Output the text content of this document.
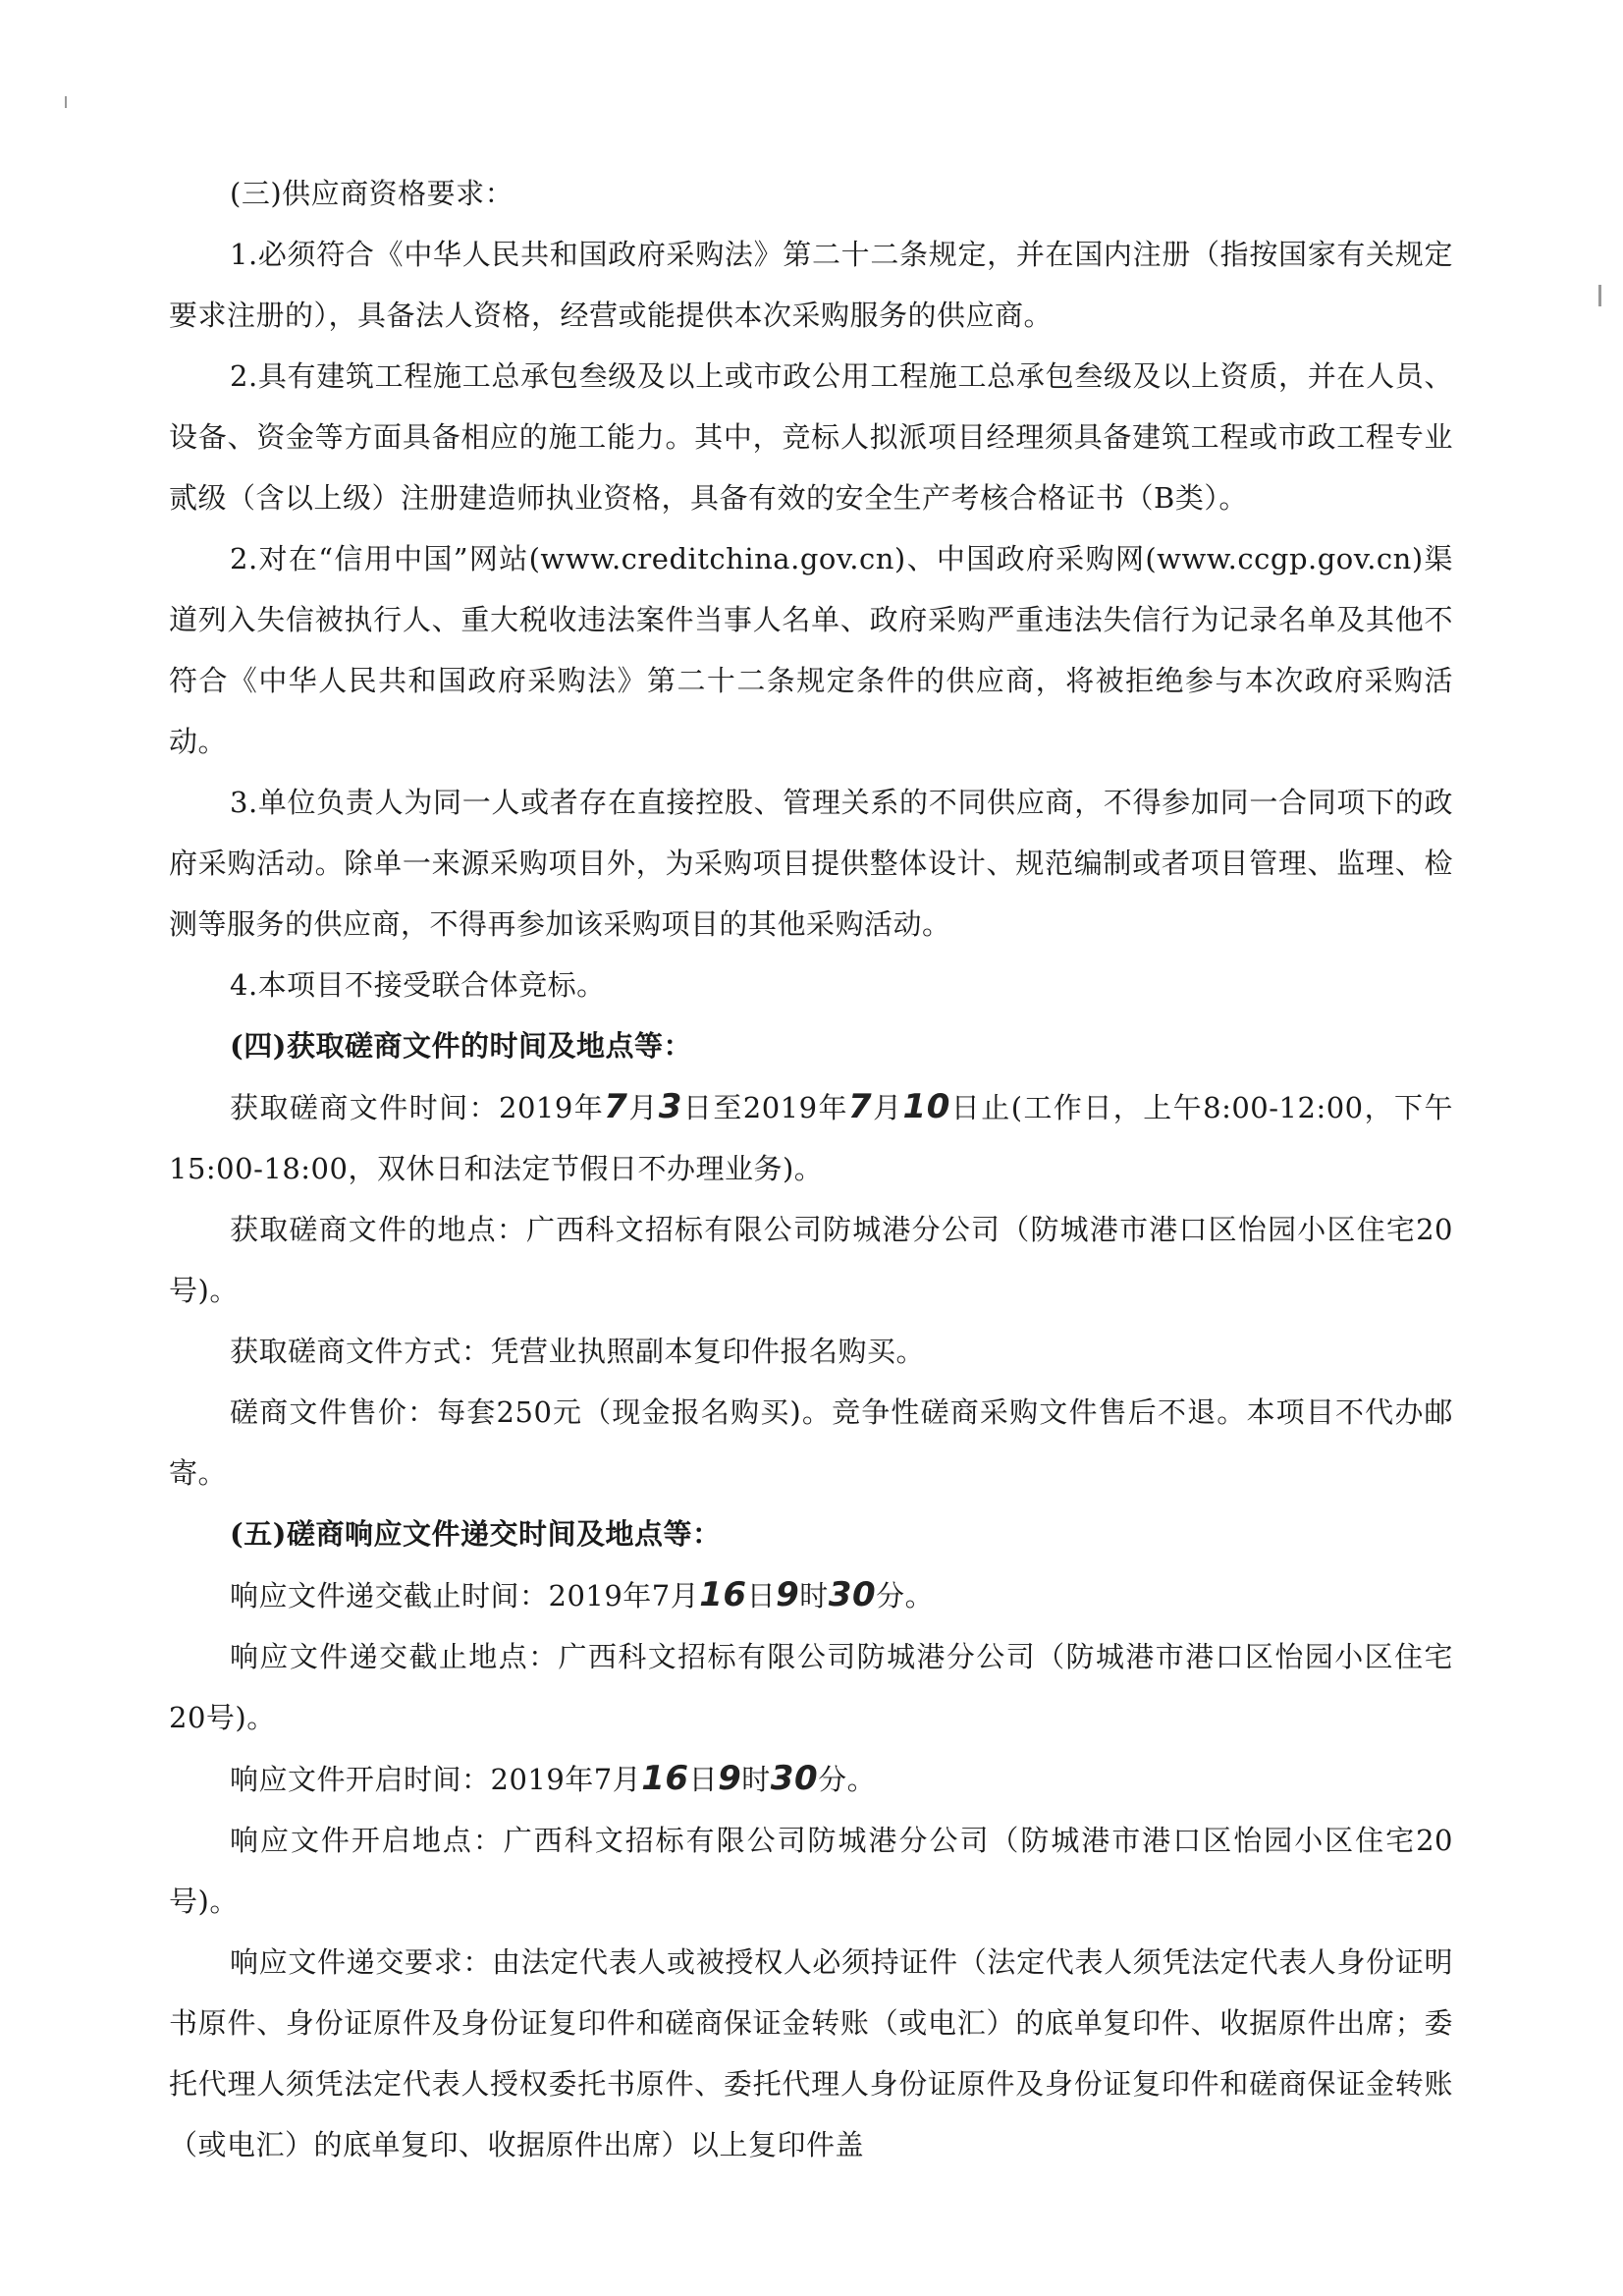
(三)供应商资格要求：

1.必须符合《中华人民共和国政府采购法》第二十二条规定，并在国内注册（指按国家有关规定要求注册的），具备法人资格，经营或能提供本次采购服务的供应商。

2.具有建筑工程施工总承包叁级及以上或市政公用工程施工总承包叁级及以上资质，并在人员、设备、资金等方面具备相应的施工能力。其中，竞标人拟派项目经理须具备建筑工程或市政工程专业贰级（含以上级）注册建造师执业资格，具备有效的安全生产考核合格证书（B类）。

2.对在“信用中国”网站(www.creditchina.gov.cn)、中国政府采购网(www.ccgp.gov.cn)渠道列入失信被执行人、重大税收违法案件当事人名单、政府采购严重违法失信行为记录名单及其他不符合《中华人民共和国政府采购法》第二十二条规定条件的供应商，将被拒绝参与本次政府采购活动。

3.单位负责人为同一人或者存在直接控股、管理关系的不同供应商，不得参加同一合同项下的政府采购活动。除单一来源采购项目外，为采购项目提供整体设计、规范编制或者项目管理、监理、检测等服务的供应商，不得再参加该采购项目的其他采购活动。

4.本项目不接受联合体竞标。

(四)获取磋商文件的时间及地点等：

获取磋商文件时间：2019年7月3日至2019年7月10日止(工作日，上午8:00-12:00，下午15:00-18:00，双休日和法定节假日不办理业务)。

获取磋商文件的地点：广西科文招标有限公司防城港分公司（防城港市港口区怡园小区住宅20号)。

获取磋商文件方式：凭营业执照副本复印件报名购买。

磋商文件售价：每套250元（现金报名购买)。竞争性磋商采购文件售后不退。本项目不代办邮寄。

(五)磋商响应文件递交时间及地点等：

响应文件递交截止时间：2019年7月16日9时30分。

响应文件递交截止地点：广西科文招标有限公司防城港分公司（防城港市港口区怡园小区住宅20号)。

响应文件开启时间：2019年7月16日9时30分。

响应文件开启地点：广西科文招标有限公司防城港分公司（防城港市港口区怡园小区住宅20号)。

响应文件递交要求：由法定代表人或被授权人必须持证件（法定代表人须凭法定代表人身份证明书原件、身份证原件及身份证复印件和磋商保证金转账（或电汇）的底单复印件、收据原件出席；委托代理人须凭法定代表人授权委托书原件、委托代理人身份证原件及身份证复印件和磋商保证金转账（或电汇）的底单复印、收据原件出席）以上复印件盖
